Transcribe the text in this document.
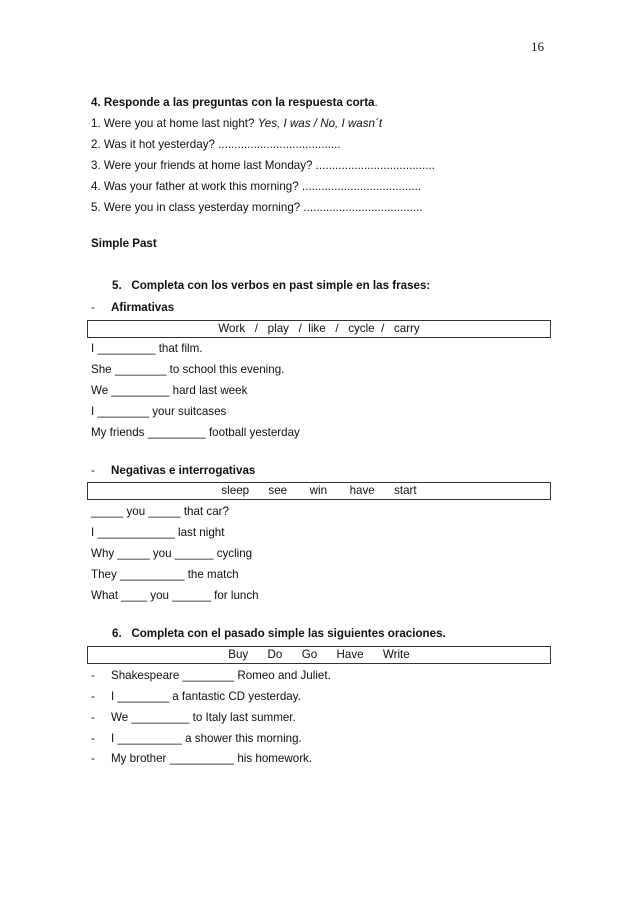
16
4. Responde a las preguntas con la respuesta corta.
1. Were you at home last night? Yes, I was / No, I wasn´t
2. Was it hot yesterday? ......................................
3. Were your friends at home last Monday? .....................................
4. Was your father at work this morning? .....................................
5. Were you in class yesterday morning? .....................................
Simple Past
5.   Completa con los verbos en past simple en las frases:
- Afirmativas
Work   /   play   /  like   /   cycle  /   carry
I _________ that film.
She ________ to school this evening.
We _________ hard last week
I ________ your suitcases
My friends _________ football yesterday
- Negativas e interrogativas
sleep      see       win       have      start
_____ you _____ that car?
I ____________ last night
Why _____ you ______ cycling
They __________ the match
What ____ you ______ for lunch
6.   Completa con el pasado simple las siguientes oraciones.
Buy      Do      Go      Have      Write
- Shakespeare ________ Romeo and Juliet.
- I ________ a fantastic CD yesterday.
- We _________ to Italy last summer.
- I __________ a shower this morning.
- My brother __________ his homework.
